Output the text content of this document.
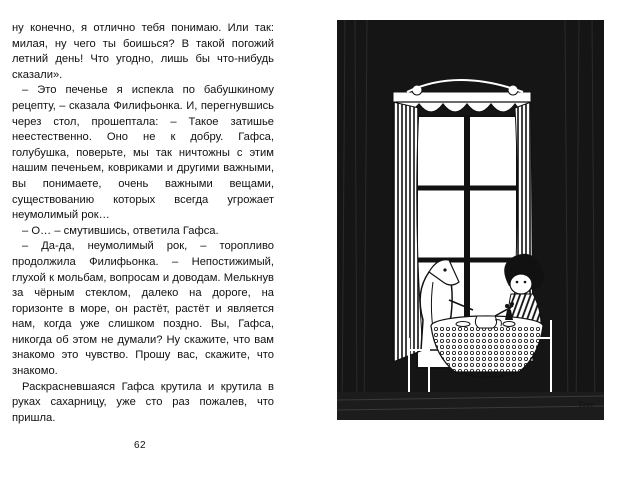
ну конечно, я отлично тебя понимаю. Или так: милая, ну чего ты боишься? В такой погожий летний день! Что угодно, лишь бы что-нибудь сказали».

– Это печенье я испекла по бабушкиному рецепту, – сказала Филифьонка. И, перегнувшись через стол, прошептала: – Такое затишье неестественно. Оно не к добру. Гафса, голубушка, поверьте, мы так ничтожны с этим нашим печеньем, ковриками и другими важными, вы понимаете, очень важными вещами, существованию которых всегда угрожает неумолимый рок…

– О… – смутившись, ответила Гафса.

– Да-да, неумолимый рок, – торопливо продолжила Филифьонка. – Непостижимый, глухой к мольбам, вопросам и доводам. Мелькнув за чёрным стеклом, далеко на дороге, на горизонте в море, он растёт, растёт и является нам, когда уже слишком поздно. Вы, Гафса, никогда об этом не думали? Ну скажите, что вам знакомо это чувство. Прошу вас, скажите, что знакомо.

Раскрасневшаяся Гафса крутила и крутила в руках сахарницу, уже сто раз пожалев, что пришла.

62
Tove
